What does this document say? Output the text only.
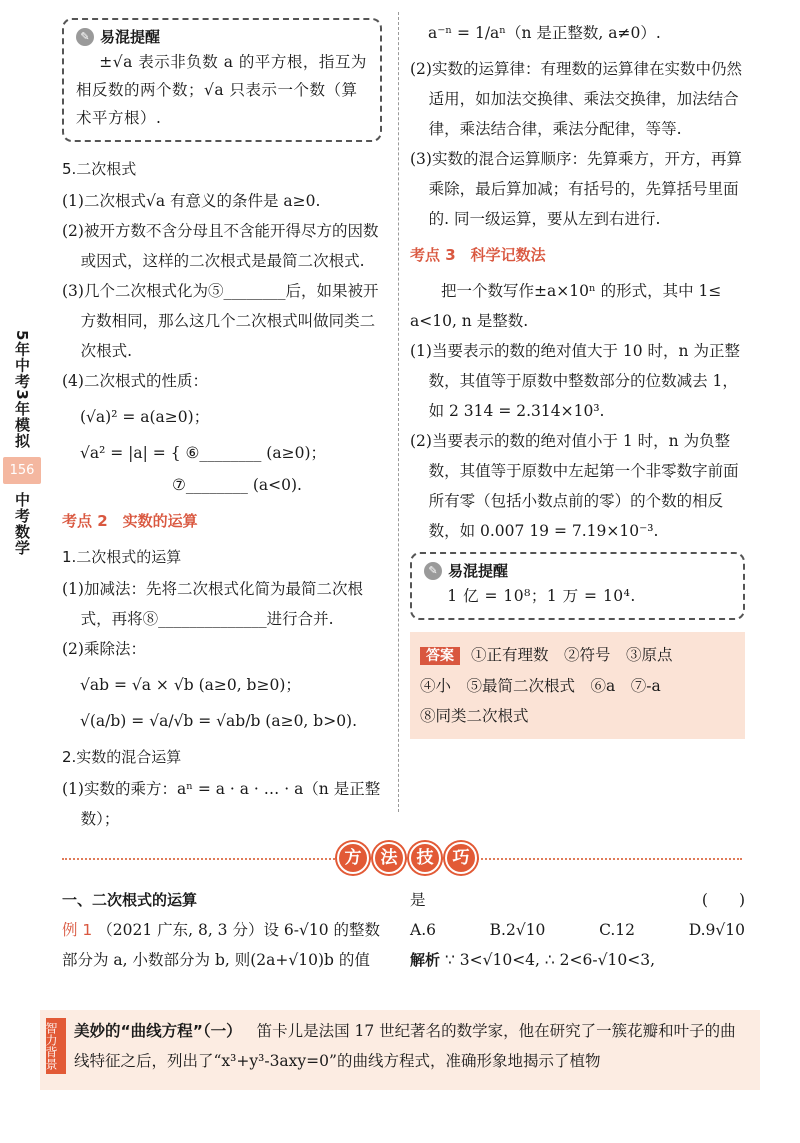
5年中考3年模拟
156
中考数学
✎ 易混提醒
±√a 表示非负数 a 的平方根，指互为相反数的两个数；√a 只表示一个数（算术平方根）.
5.二次根式

(1)二次根式√a 有意义的条件是 a≥0.

(2)被开方数不含分母且不含能开得尽方的因数或因式，这样的二次根式是最简二次根式.

(3)几个二次根式化为⑤________后，如果被开方数相同，那么这几个二次根式叫做同类二次根式.

(4)二次根式的性质：

(√a)² = a(a≥0)；

√a² = |a| = { ⑥________ (a≥0)；

⑦________ (a<0).

考点 2　实数的运算
1.二次根式的运算

(1)加减法：先将二次根式化简为最简二次根式，再将⑧______________进行合并.

(2)乘除法：

√ab = √a × √b (a≥0, b≥0)；

√(a/b) = √a/√b = √ab/b (a≥0, b>0).

2.实数的混合运算

(1)实数的乘方：aⁿ = a · a · … · a（n 是正整数）；

a⁻ⁿ = 1/aⁿ（n 是正整数, a≠0）.

(2)实数的运算律：有理数的运算律在实数中仍然适用，如加法交换律、乘法交换律，加法结合律，乘法结合律，乘法分配律，等等.

(3)实数的混合运算顺序：先算乘方，开方，再算乘除，最后算加减；有括号的，先算括号里面的. 同一级运算，要从左到右进行.

考点 3　科学记数法

把一个数写作±a×10ⁿ 的形式，其中 1≤ a<10, n 是整数.

(1)当要表示的数的绝对值大于 10 时，n 为正整数，其值等于原数中整数部分的位数减去 1，如 2 314 = 2.314×10³.

(2)当要表示的数的绝对值小于 1 时，n 为负整数，其值等于原数中左起第一个非零数字前面所有零（包括小数点前的零）的个数的相反数，如 0.007 19 = 7.19×10⁻³.

✎ 易混提醒
1 亿 = 10⁸；1 万 = 10⁴.
答案 ①正有理数　②符号　③原点
④小　⑤最简二次根式　⑥a　⑦-a
⑧同类二次根式
方	法	技	巧
一、二次根式的运算
例 1 （2021 广东, 8, 3 分）设 6-√10 的整数部分为 a, 小数部分为 b, 则(2a+√10)b 的值
是	(　　)
A.6	B.2√10	C.12	D.9√10
解析 ∵ 3<√10<4, ∴ 2<6-√10<3,
智力背景	美妙的“曲线方程”（一） 笛卡儿是法国 17 世纪著名的数学家，他在研究了一簇花瓣和叶子的曲线特征之后，列出了“x³+y³-3axy=0”的曲线方程式，准确形象地揭示了植物
